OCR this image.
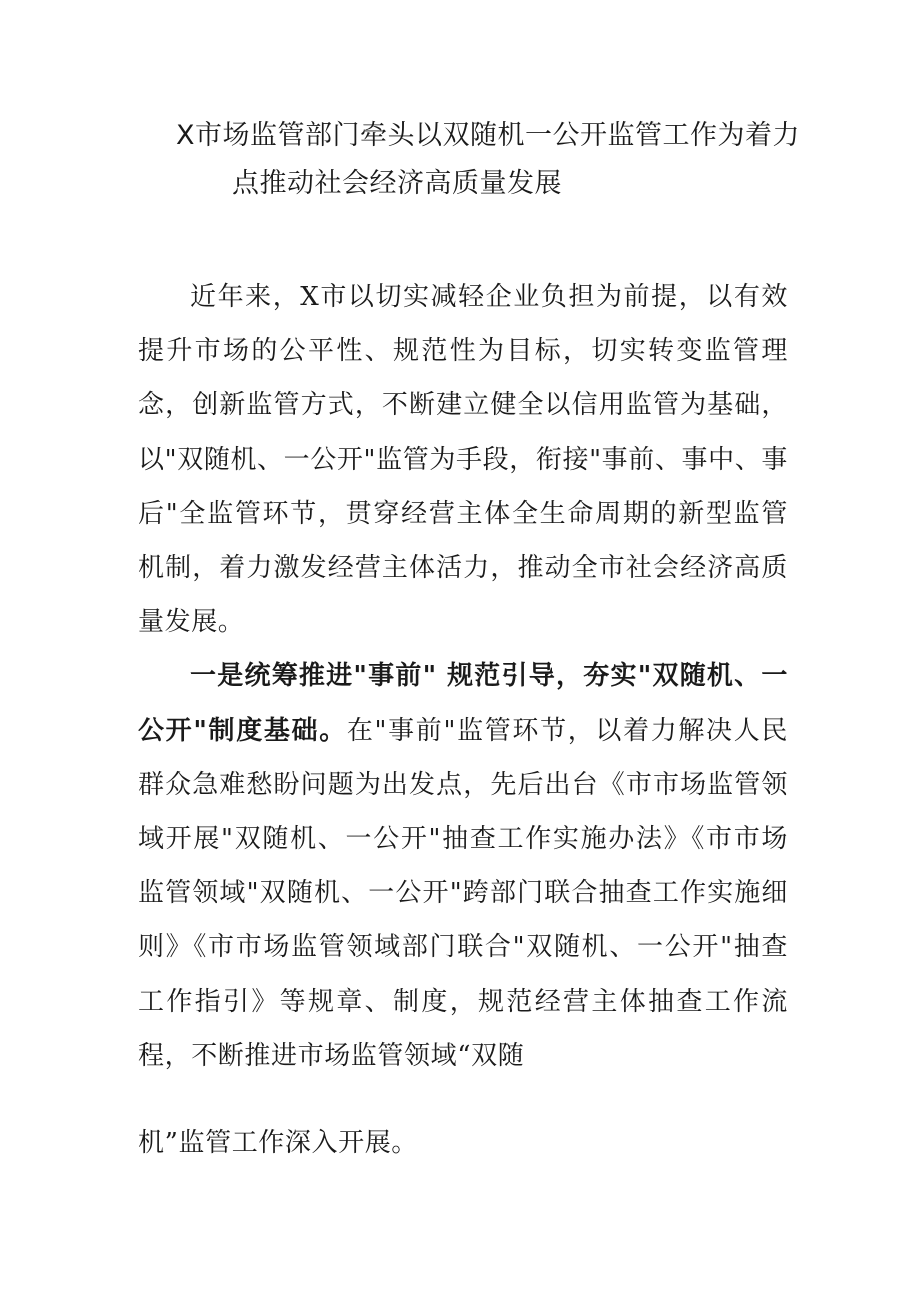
X市场监管部门牵头以双随机一公开监管工作为着力
点推动社会经济高质量发展

近年来，X市以切实减轻企业负担为前提，以有效提升市场的公平性、规范性为目标，切实转变监管理念，创新监管方式，不断建立健全以信用监管为基础，以"双随机、一公开"监管为手段，衔接"事前、事中、事后"全监管环节，贯穿经营主体全生命周期的新型监管机制，着力激发经营主体活力，推动全市社会经济高质量发展。

一是统筹推进"事前" 规范引导，夯实"双随机、一公开"制度基础。在"事前"监管环节，以着力解决人民群众急难愁盼问题为出发点，先后出台《市市场监管领域开展"双随机、一公开"抽查工作实施办法》《市市场监管领域"双随机、一公开"跨部门联合抽查工作实施细则》《市市场监管领域部门联合"双随机、一公开"抽查工作指引》等规章、制度，规范经营主体抽查工作流程，不断推进市场监管领域“双随

机”监管工作深入开展。
